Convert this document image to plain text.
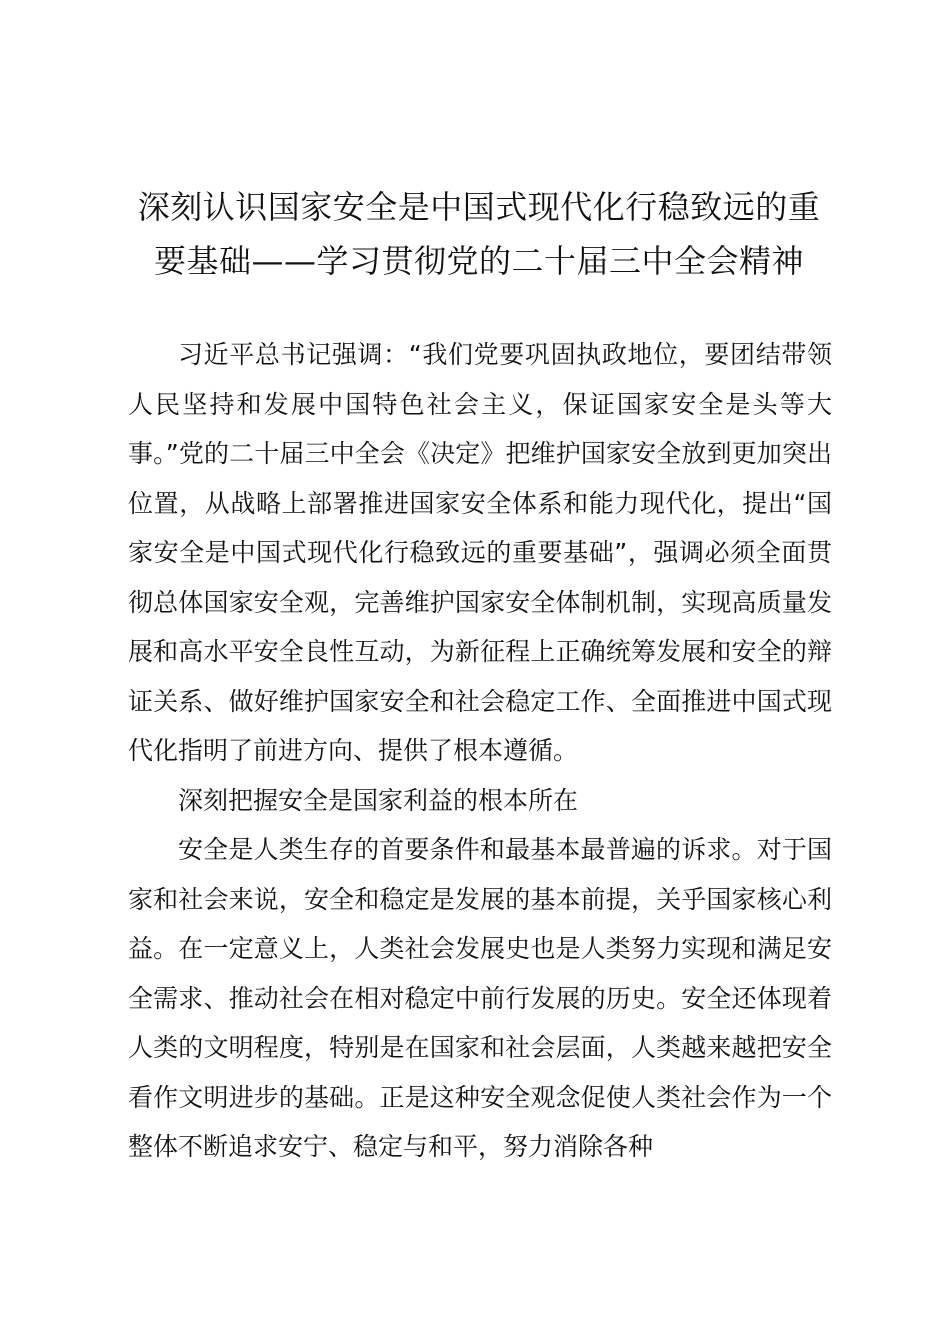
深刻认识国家安全是中国式现代化行稳致远的重要基础——学习贯彻党的二十届三中全会精神

习近平总书记强调：“我们党要巩固执政地位，要团结带领人民坚持和发展中国特色社会主义，保证国家安全是头等大事。”党的二十届三中全会《决定》把维护国家安全放到更加突出位置，从战略上部署推进国家安全体系和能力现代化，提出“国家安全是中国式现代化行稳致远的重要基础”，强调必须全面贯彻总体国家安全观，完善维护国家安全体制机制，实现高质量发展和高水平安全良性互动，为新征程上正确统筹发展和安全的辩证关系、做好维护国家安全和社会稳定工作、全面推进中国式现代化指明了前进方向、提供了根本遵循。

深刻把握安全是国家利益的根本所在

安全是人类生存的首要条件和最基本最普遍的诉求。对于国家和社会来说，安全和稳定是发展的基本前提，关乎国家核心利益。在一定意义上，人类社会发展史也是人类努力实现和满足安全需求、推动社会在相对稳定中前行发展的历史。安全还体现着人类的文明程度，特别是在国家和社会层面，人类越来越把安全看作文明进步的基础。正是这种安全观念促使人类社会作为一个整体不断追求安宁、稳定与和平，努力消除各种
